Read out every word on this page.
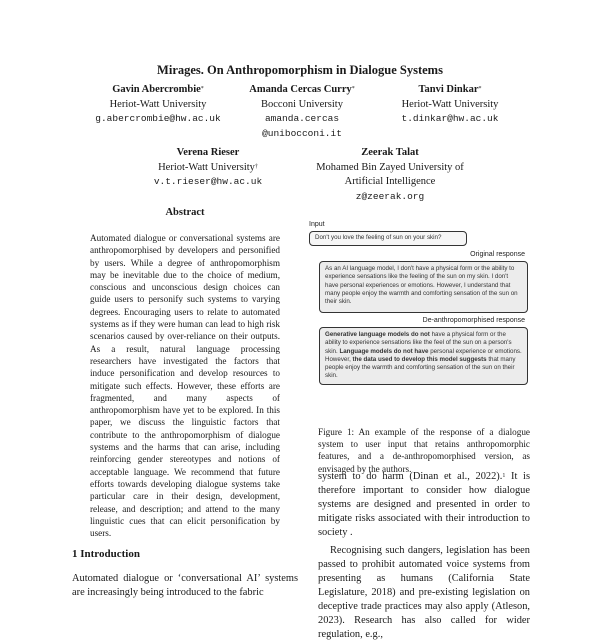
Mirages. On Anthropomorphism in Dialogue Systems
Gavin Abercrombie*
Heriot-Watt University
g.abercrombie@hw.ac.uk
Amanda Cercas Curry*
Bocconi University
amanda.cercas
@unibocconi.it
Tanvi Dinkar*
Heriot-Watt University
t.dinkar@hw.ac.uk
Verena Rieser
Heriot-Watt University†
v.t.rieser@hw.ac.uk
Zeerak Talat
Mohamed Bin Zayed University of
Artificial Intelligence
z@zeerak.org
Abstract
Automated dialogue or conversational systems are anthropomorphised by developers and personified by users. While a degree of anthropomorphism may be inevitable due to the choice of medium, conscious and unconscious design choices can guide users to personify such systems to varying degrees. Encouraging users to relate to automated systems as if they were human can lead to high risk scenarios caused by over-reliance on their outputs. As a result, natural language processing researchers have investigated the factors that induce personification and develop resources to mitigate such effects. However, these efforts are fragmented, and many aspects of anthropomorphism have yet to be explored. In this paper, we discuss the linguistic factors that contribute to the anthropomorphism of dialogue systems and the harms that can arise, including reinforcing gender stereotypes and notions of acceptable language. We recommend that future efforts towards developing dialogue systems take particular care in their design, development, release, and description; and attend to the many linguistic cues that can elicit personification by users.
1 Introduction
Automated dialogue or ‘conversational AI’ systems are increasingly being introduced to the fabric
Input
Don't you love the feeling of sun on your skin?
Original response
As an AI language model, I don't have a physical form or the ability to experience sensations like the feeling of the sun on my skin. I don't have personal experiences or emotions. However, I understand that many people enjoy the warmth and comforting sensation of the sun on their skin.
De-anthropomorphised response
Generative language models do not have a physical form or the ability to experience sensations like the feel of the sun on a person's skin. Language models do not have personal experience or emotions. However, the data used to develop this model suggests that many people enjoy the warmth and comforting sensation of the sun on their skin.
Figure 1: An example of the response of a dialogue system to user input that retains anthropomorphic features, and a de-anthropomorphised version, as envisaged by the authors.

system to do harm (Dinan et al., 2022).$^1$ It is therefore important to consider how dialogue systems are designed and presented in order to mitigate risks associated with their introduction to society .

Recognising such dangers, legislation has been passed to prohibit automated voice systems from presenting as humans (California State Legislature, 2018) and pre-existing legislation on deceptive trade practices may also apply (Atleson, 2023). Research has also called for wider regulation, e.g.,
